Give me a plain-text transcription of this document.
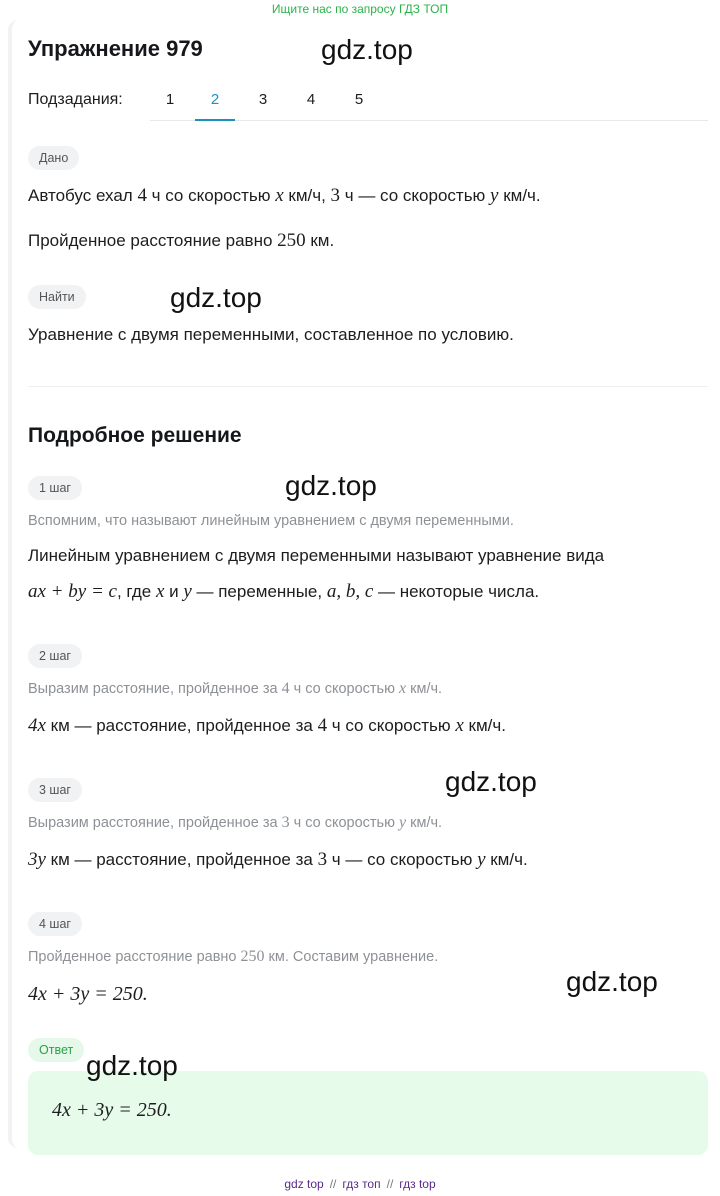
Ищите нас по запросу ГДЗ ТОП
Упражнение 979
Подзадания:	1	2	3	4	5
Дано
Автобус ехал 4 ч со скоростью x км/ч, 3 ч — со скоростью y км/ч.
Пройденное расстояние равно 250 км.
Найти
Уравнение с двумя переменными, составленное по условию.
Подробное решение
1 шаг
Вспомним, что называют линейным уравнением с двумя переменными.
Линейным уравнением с двумя переменными называют уравнение вида
ax + by = c, где x и y — переменные, a, b, c — некоторые числа.
2 шаг
Выразим расстояние, пройденное за 4 ч со скоростью x км/ч.
4x км — расстояние, пройденное за 4 ч со скоростью x км/ч.
3 шаг
Выразим расстояние, пройденное за 3 ч со скоростью y км/ч.
3y км — расстояние, пройденное за 3 ч — со скоростью y км/ч.
4 шаг
Пройденное расстояние равно 250 км. Составим уравнение.
4x + 3y = 250.
Ответ
4x + 3y = 250.
gdz.top
gdz.top
gdz.top
gdz.top
gdz.top
gdz.top
gdz top // гдз топ // гдз top
